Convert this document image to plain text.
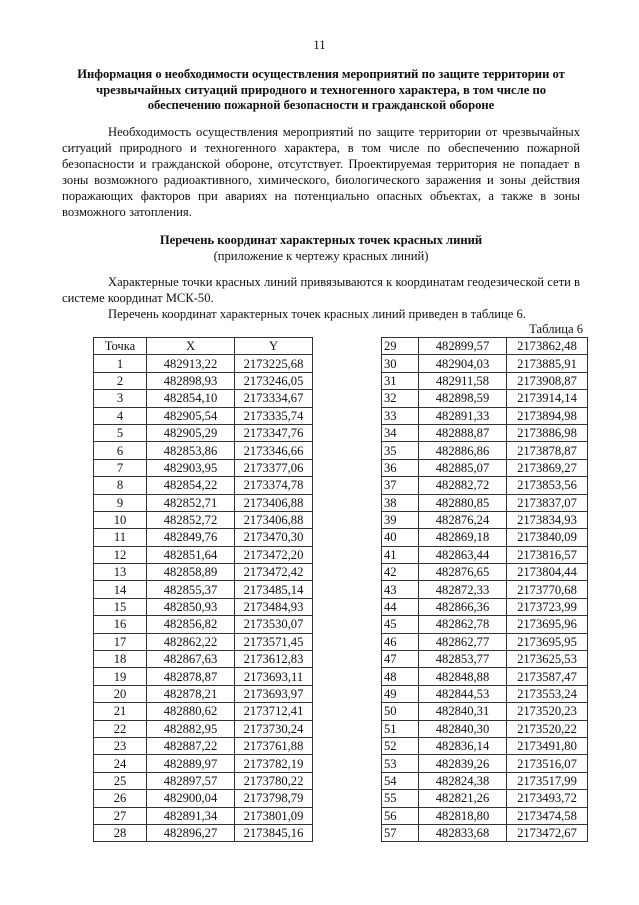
11
Информация о необходимости осуществления мероприятий по защите территории от чрезвычайных ситуаций природного и техногенного характера, в том числе по обеспечению пожарной безопасности и гражданской обороне
Необходимость осуществления мероприятий по защите территории от чрезвычайных ситуаций природного и техногенного характера, в том числе по обеспечению пожарной безопасности и гражданской обороне, отсутствует. Проектируемая территория не попадает в зоны возможного радиоактивного, химического, биологического заражения и зоны действия поражающих факторов при авариях на потенциально опасных объектах, а также в зоны возможного затопления.
Перечень координат характерных точек красных линий
(приложение к чертежу красных линий)
Характерные точки красных линий привязываются к координатам геодезической сети в системе координат МСК-50.
Перечень координат характерных точек красных линий приведен в таблице 6.
Таблица 6
Точка	X	Y
1	482913,22	2173225,68
2	482898,93	2173246,05
3	482854,10	2173334,67
4	482905,54	2173335,74
5	482905,29	2173347,76
6	482853,86	2173346,66
7	482903,95	2173377,06
8	482854,22	2173374,78
9	482852,71	2173406,88
10	482852,72	2173406,88
11	482849,76	2173470,30
12	482851,64	2173472,20
13	482858,89	2173472,42
14	482855,37	2173485,14
15	482850,93	2173484,93
16	482856,82	2173530,07
17	482862,22	2173571,45
18	482867,63	2173612,83
19	482878,87	2173693,11
20	482878,21	2173693,97
21	482880,62	2173712,41
22	482882,95	2173730,24
23	482887,22	2173761,88
24	482889,97	2173782,19
25	482897,57	2173780,22
26	482900,04	2173798,79
27	482891,34	2173801,09
28	482896,27	2173845,16
29	482899,57	2173862,48
30	482904,03	2173885,91
31	482911,58	2173908,87
32	482898,59	2173914,14
33	482891,33	2173894,98
34	482888,87	2173886,98
35	482886,86	2173878,87
36	482885,07	2173869,27
37	482882,72	2173853,56
38	482880,85	2173837,07
39	482876,24	2173834,93
40	482869,18	2173840,09
41	482863,44	2173816,57
42	482876,65	2173804,44
43	482872,33	2173770,68
44	482866,36	2173723,99
45	482862,78	2173695,96
46	482862,77	2173695,95
47	482853,77	2173625,53
48	482848,88	2173587,47
49	482844,53	2173553,24
50	482840,31	2173520,23
51	482840,30	2173520,22
52	482836,14	2173491,80
53	482839,26	2173516,07
54	482824,38	2173517,99
55	482821,26	2173493,72
56	482818,80	2173474,58
57	482833,68	2173472,67
